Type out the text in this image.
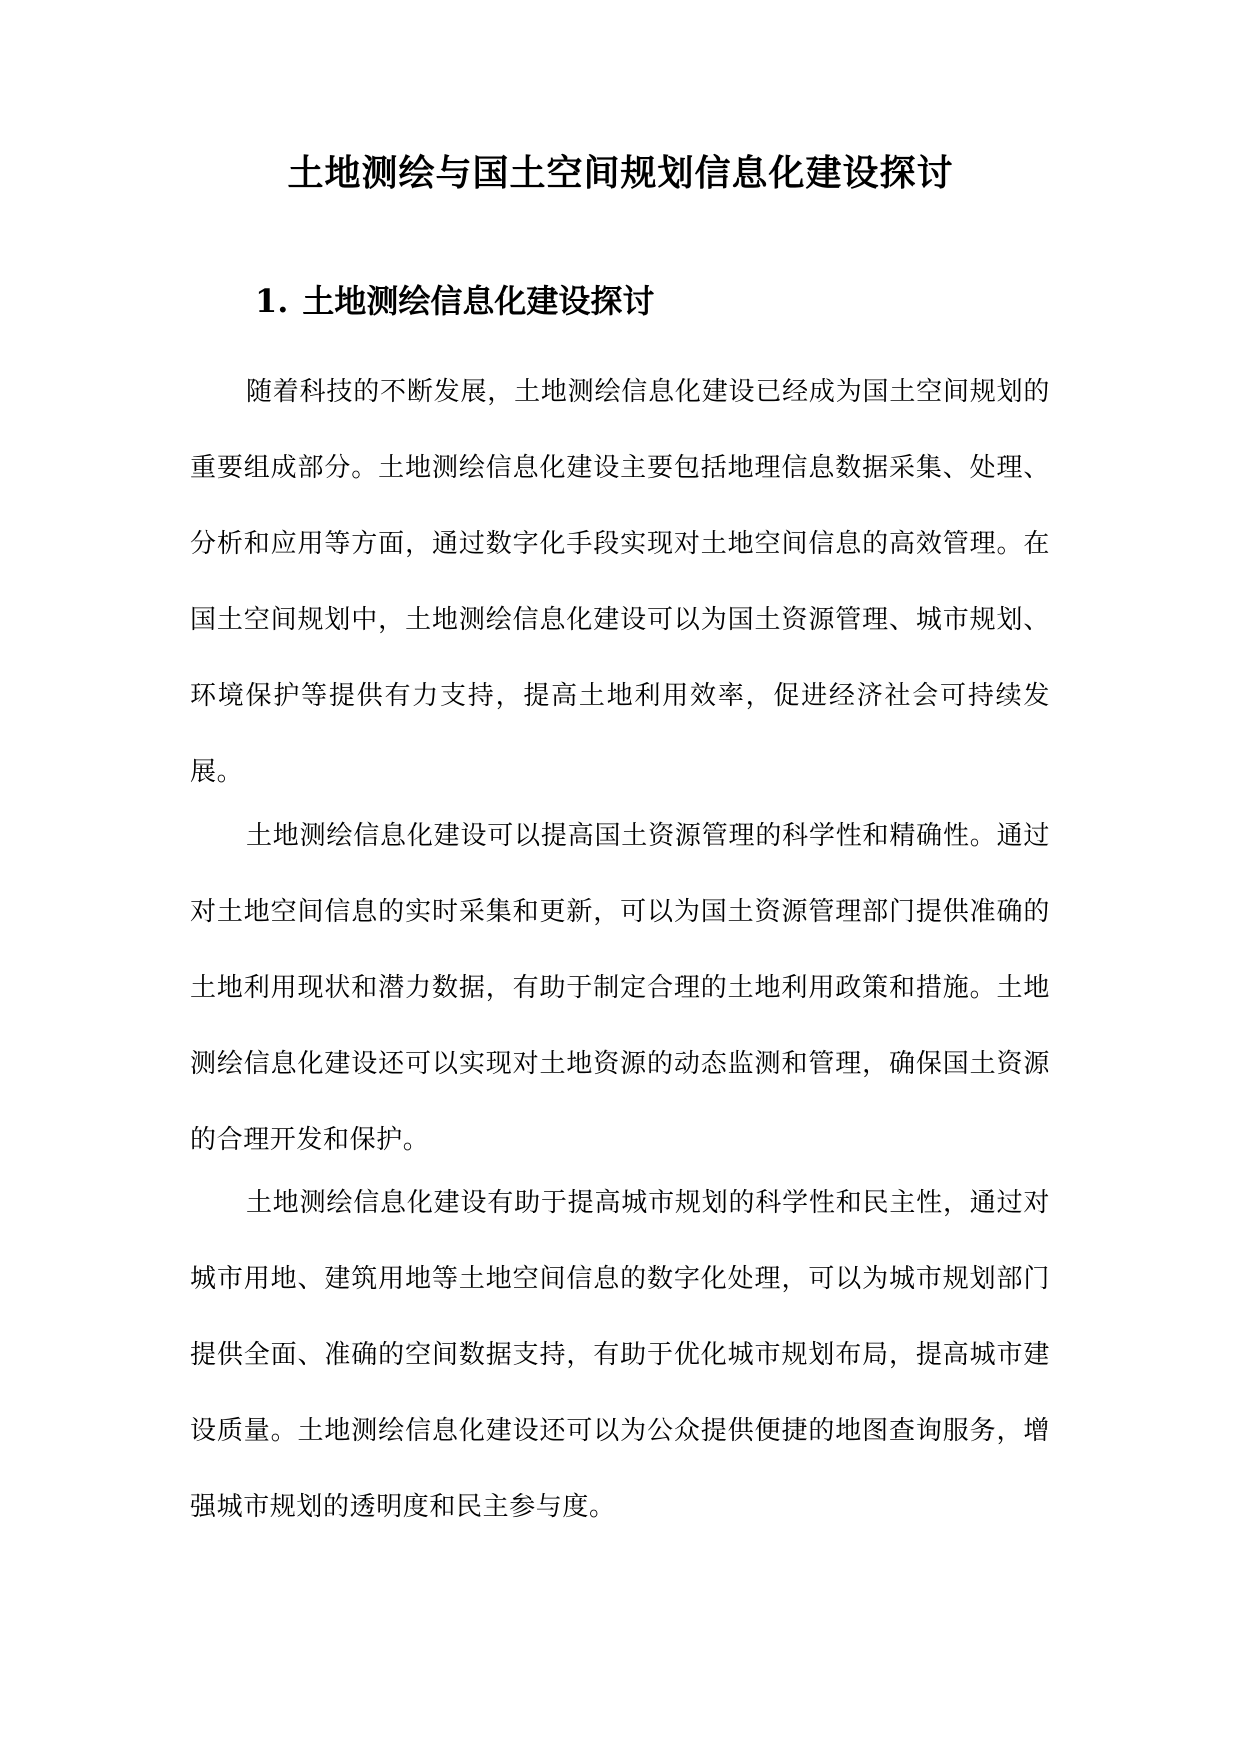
土地测绘与国土空间规划信息化建设探讨
1. 土地测绘信息化建设探讨

随着科技的不断发展，土地测绘信息化建设已经成为国土空间规划的重要组成部分。土地测绘信息化建设主要包括地理信息数据采集、处理、分析和应用等方面，通过数字化手段实现对土地空间信息的高效管理。在国土空间规划中，土地测绘信息化建设可以为国土资源管理、城市规划、环境保护等提供有力支持，提高土地利用效率，促进经济社会可持续发展。

土地测绘信息化建设可以提高国土资源管理的科学性和精确性。通过对土地空间信息的实时采集和更新，可以为国土资源管理部门提供准确的土地利用现状和潜力数据，有助于制定合理的土地利用政策和措施。土地测绘信息化建设还可以实现对土地资源的动态监测和管理，确保国土资源的合理开发和保护。

土地测绘信息化建设有助于提高城市规划的科学性和民主性，通过对城市用地、建筑用地等土地空间信息的数字化处理，可以为城市规划部门提供全面、准确的空间数据支持，有助于优化城市规划布局，提高城市建设质量。土地测绘信息化建设还可以为公众提供便捷的地图查询服务，增强城市规划的透明度和民主参与度。
